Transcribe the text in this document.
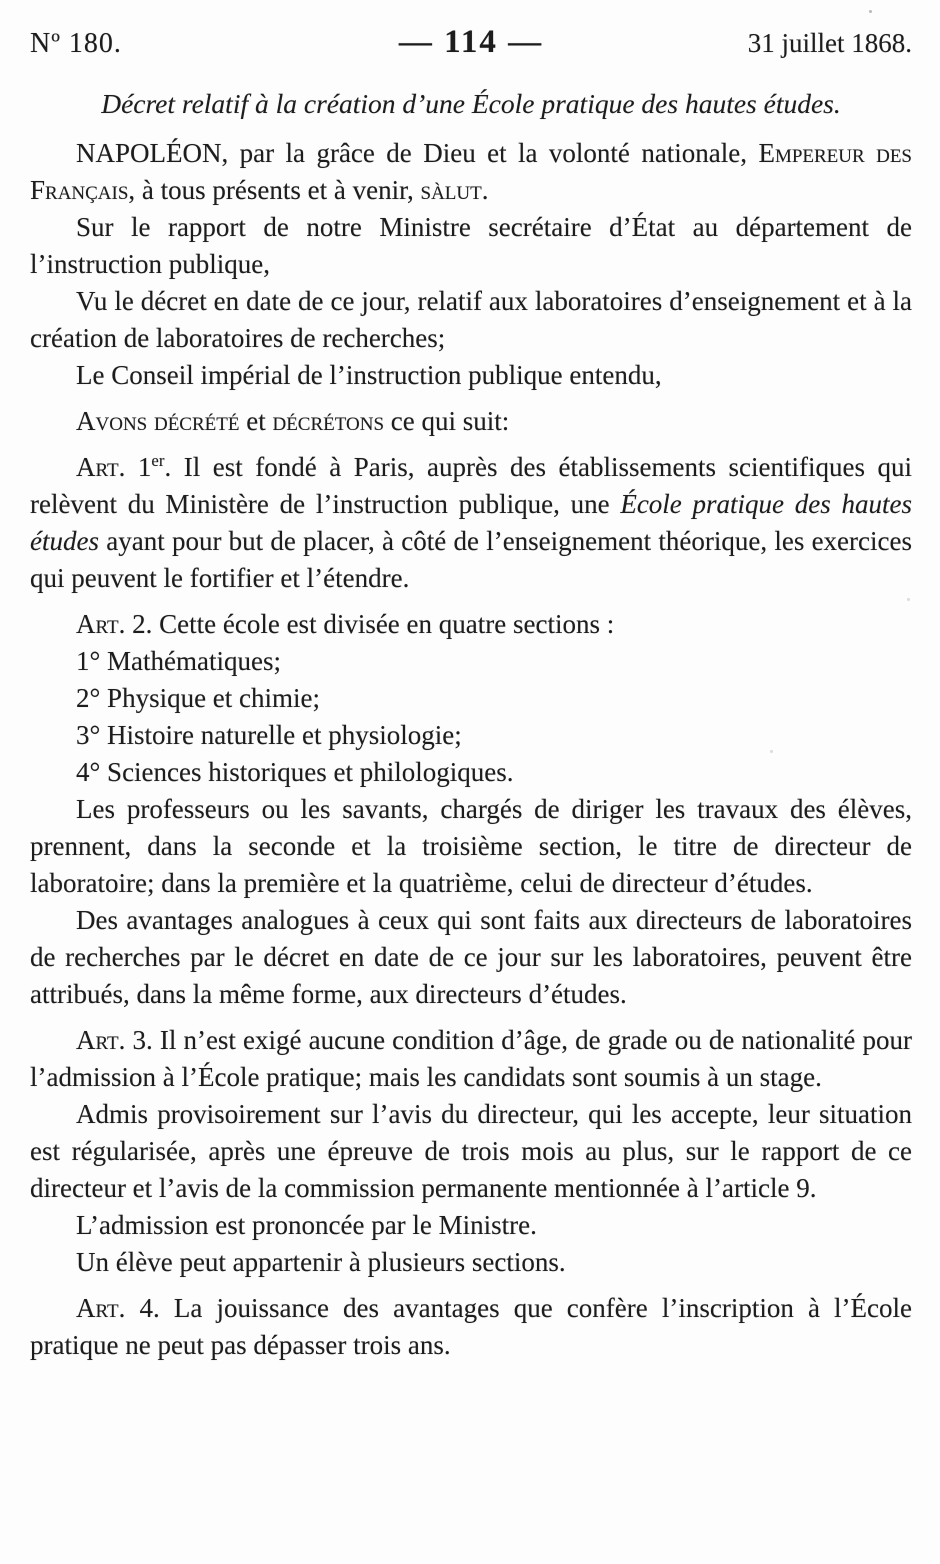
Nº 180.	— 114 —	31 juillet 1868.
Décret relatif à la création d’une École pratique des hautes études.

NAPOLÉON, par la grâce de Dieu et la volonté nationale, Empereur des Français, à tous présents et à venir, sàlut.

Sur le rapport de notre Ministre secrétaire d’État au département de l’instruction publique,

Vu le décret en date de ce jour, relatif aux laboratoires d’enseignement et à la création de laboratoires de recherches;

Le Conseil impérial de l’instruction publique entendu,

Avons décrété et décrétons ce qui suit:

Art. 1er. Il est fondé à Paris, auprès des établissements scientifiques qui relèvent du Ministère de l’instruction publique, une École pratique des hautes études ayant pour but de placer, à côté de l’enseignement théorique, les exercices qui peuvent le fortifier et l’étendre.

Art. 2. Cette école est divisée en quatre sections :

1° Mathématiques;

2° Physique et chimie;

3° Histoire naturelle et physiologie;

4° Sciences historiques et philologiques.

Les professeurs ou les savants, chargés de diriger les travaux des élèves, prennent, dans la seconde et la troisième section, le titre de directeur de laboratoire; dans la première et la quatrième, celui de directeur d’études.

Des avantages analogues à ceux qui sont faits aux directeurs de laboratoires de recherches par le décret en date de ce jour sur les laboratoires, peuvent être attribués, dans la même forme, aux directeurs d’études.

Art. 3. Il n’est exigé aucune condition d’âge, de grade ou de nationalité pour l’admission à l’École pratique; mais les candidats sont soumis à un stage.

Admis provisoirement sur l’avis du directeur, qui les accepte, leur situation est régularisée, après une épreuve de trois mois au plus, sur le rapport de ce directeur et l’avis de la commission permanente mentionnée à l’article 9.

L’admission est prononcée par le Ministre.

Un élève peut appartenir à plusieurs sections.

Art. 4. La jouissance des avantages que confère l’inscription à l’École pratique ne peut pas dépasser trois ans.
